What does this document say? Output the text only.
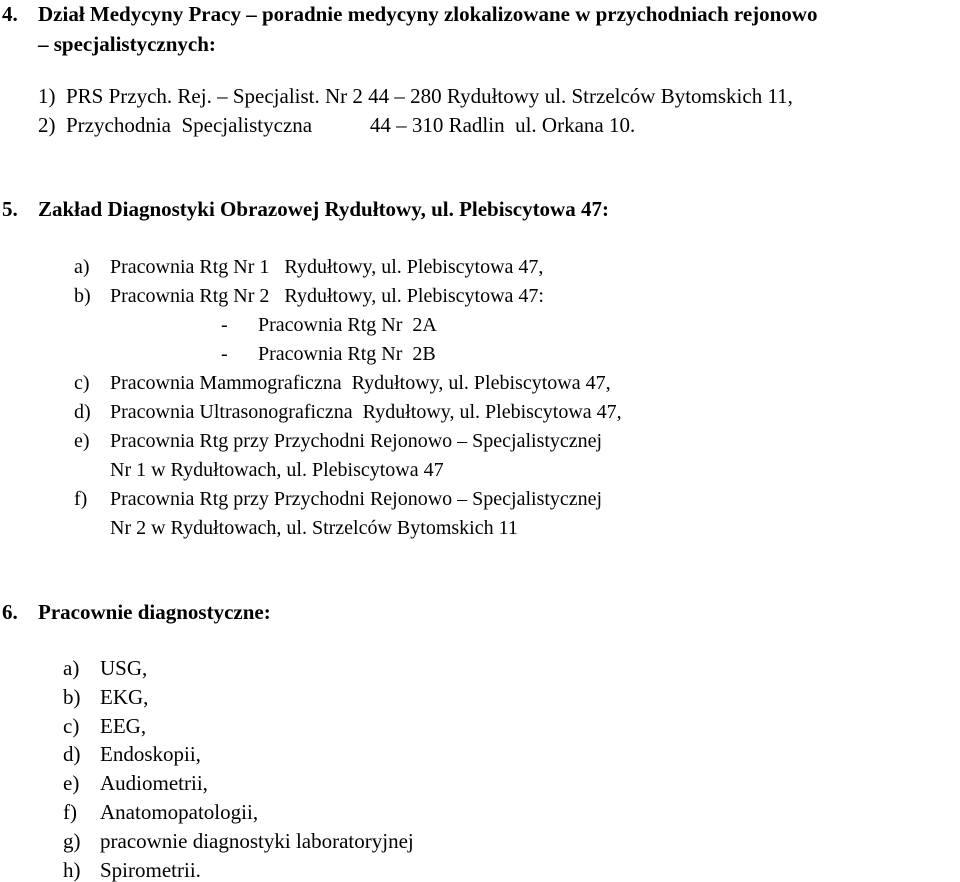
4. Dział Medycyny Pracy – poradnie medycyny zlokalizowane w przychodniach rejonowo
– specjalistycznych:
1) PRS Przych. Rej. – Specjalist. Nr 2 44 – 280 Rydułtowy ul. Strzelców Bytomskich 11,
2) Przychodnia  Specjalistyczna           44 – 310 Radlin  ul. Orkana 10.
5. Zakład Diagnostyki Obrazowej Rydułtowy, ul. Plebiscytowa 47:
a) Pracownia Rtg Nr 1   Rydułtowy, ul. Plebiscytowa 47,
b) Pracownia Rtg Nr 2   Rydułtowy, ul. Plebiscytowa 47:
- Pracownia Rtg Nr  2A
- Pracownia Rtg Nr  2B
c) Pracownia Mammograficzna  Rydułtowy, ul. Plebiscytowa 47,
d) Pracownia Ultrasonograficzna  Rydułtowy, ul. Plebiscytowa 47,
e) Pracownia Rtg przy Przychodni Rejonowo – Specjalistycznej
Nr 1 w Rydułtowach, ul. Plebiscytowa 47
f) Pracownia Rtg przy Przychodni Rejonowo – Specjalistycznej
Nr 2 w Rydułtowach, ul. Strzelców Bytomskich 11
6. Pracownie diagnostyczne:
a) USG,
b) EKG,
c) EEG,
d) Endoskopii,
e) Audiometrii,
f) Anatomopatologii,
g) pracownie diagnostyki laboratoryjnej
h) Spirometrii.
